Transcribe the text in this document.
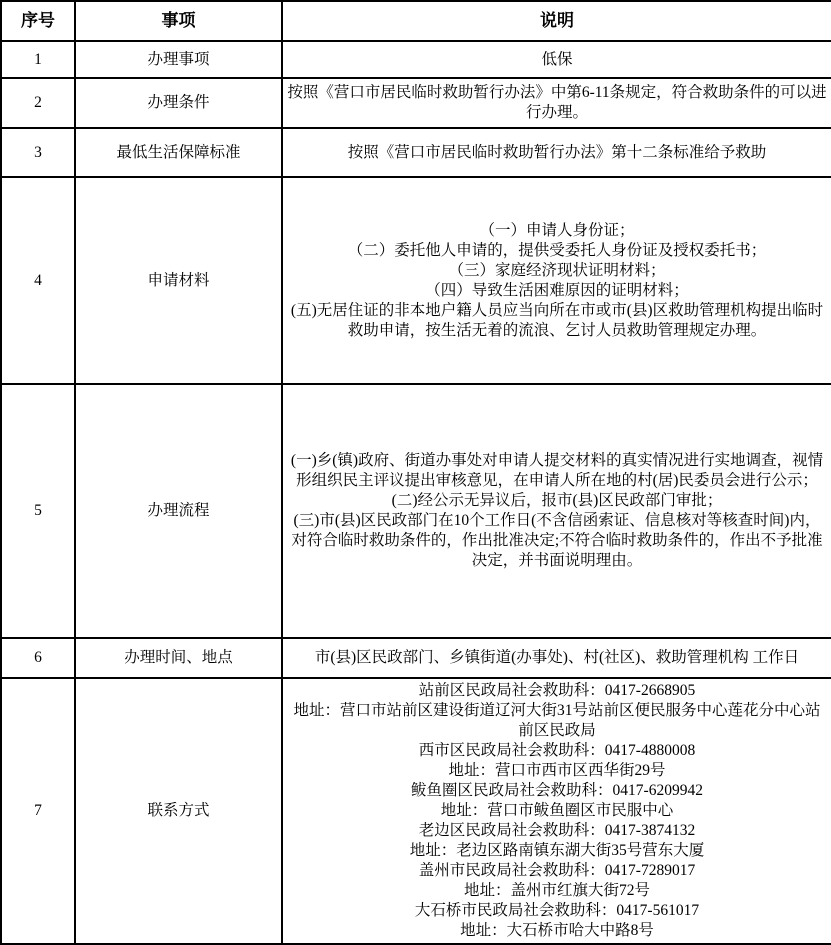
序号	事项	说明
1	办理事项	低保
2	办理条件	按照《营口市居民临时救助暂行办法》中第6-11条规定，符合救助条件的可以进行办理。
3	最低生活保障标准	按照《营口市居民临时救助暂行办法》第十二条标准给予救助
4	申请材料	（一）申请人身份证；
（二）委托他人申请的，提供受委托人身份证及授权委托书；
（三）家庭经济现状证明材料；
（四）导致生活困难原因的证明材料；
(五)无居住证的非本地户籍人员应当向所在市或市(县)区救助管理机构提出临时救助申请，按生活无着的流浪、乞讨人员救助管理规定办理。
5	办理流程	(一)乡(镇)政府、街道办事处对申请人提交材料的真实情况进行实地调查，视情形组织民主评议提出审核意见，在申请人所在地的村(居)民委员会进行公示；
(二)经公示无异议后，报市(县)区民政部门审批；
(三)市(县)区民政部门在10个工作日(不含信函索证、信息核对等核查时间)内，对符合临时救助条件的，作出批准决定;不符合临时救助条件的，作出不予批准决定，并书面说明理由。
6	办理时间、地点	市(县)区民政部门、乡镇街道(办事处)、村(社区)、救助管理机构 工作日
7	联系方式	站前区民政局社会救助科：0417-2668905
地址：营口市站前区建设街道辽河大街31号站前区便民服务中心莲花分中心站前区民政局
西市区民政局社会救助科：0417-4880008
地址：营口市西市区西华街29号
鲅鱼圈区民政局社会救助科：0417-6209942
地址：营口市鲅鱼圈区市民服中心
老边区民政局社会救助科：0417-3874132
地址：老边区路南镇东湖大街35号营东大厦
盖州市民政局社会救助科：0417-7289017
地址：盖州市红旗大街72号
大石桥市民政局社会救助科：0417-561017
地址：大石桥市哈大中路8号
